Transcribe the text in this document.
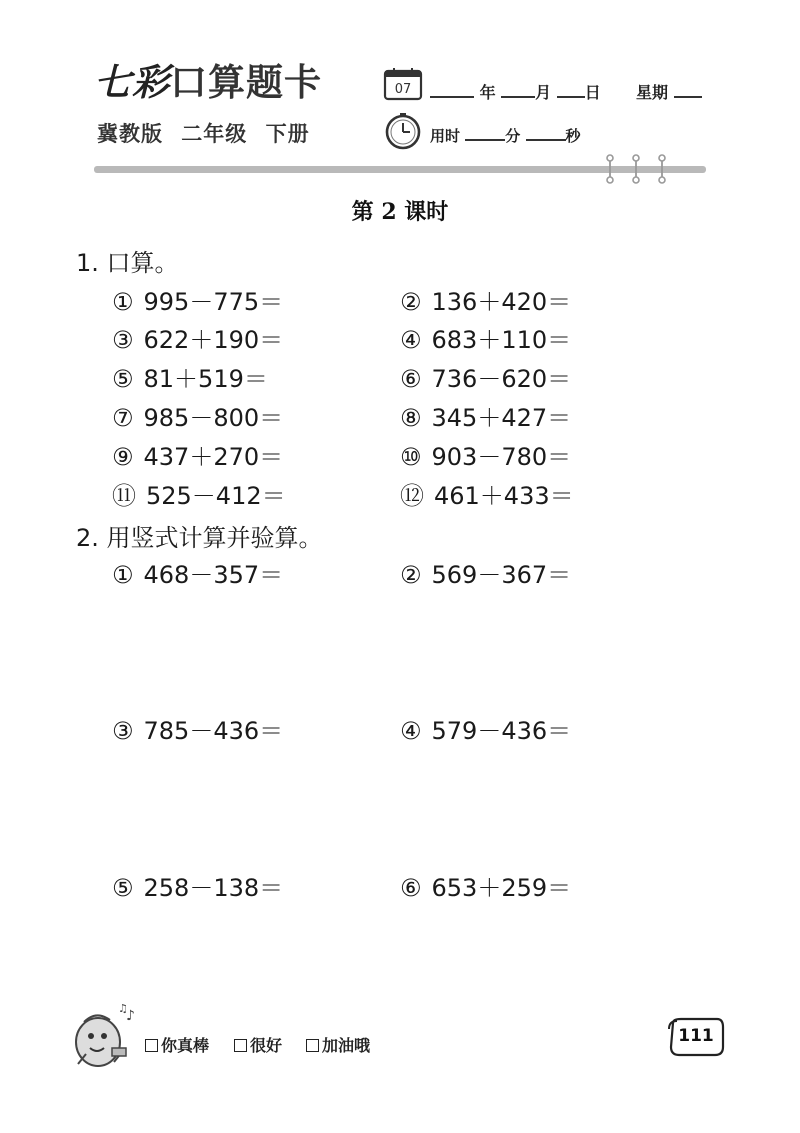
七彩口算题卡
冀教版 二年级 下册
07	年 月 日 星期
用时	分	秒
第 2 课时
1. 口算。
① 995－775＝	② 136＋420＝
③ 622＋190＝	④ 683＋110＝
⑤ 81＋519＝	⑥ 736－620＝
⑦ 985－800＝	⑧ 345＋427＝
⑨ 437＋270＝	⑩ 903－780＝
⑪ 525－412＝	⑫ 461＋433＝
2. 用竖式计算并验算。
① 468－357＝	② 569－367＝
③ 785－436＝	④ 579－436＝
⑤ 258－138＝	⑥ 653＋259＝
♪
♫
你真棒	很好	加油哦	111
